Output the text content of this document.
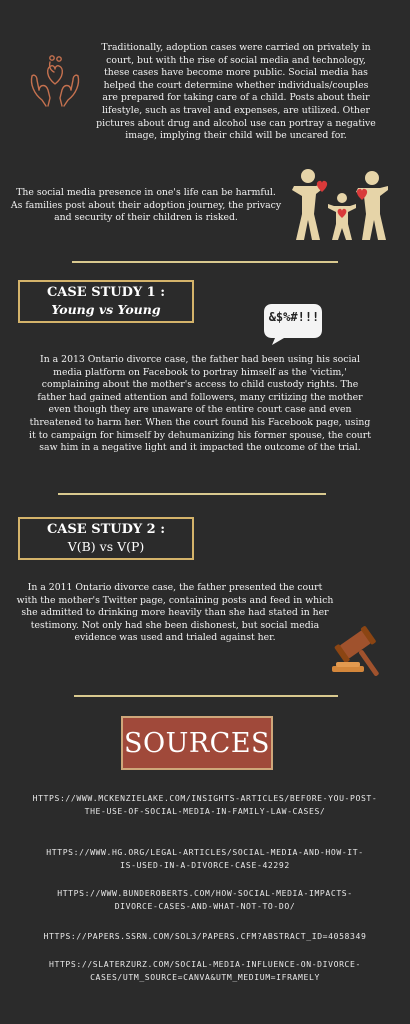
Traditionally, adoption cases were carried on privately in court, but with the rise of social media and technology, these cases have become more public. Social media has helped the court determine whether individuals/couples are prepared for taking care of a child. Posts about their lifestyle, such as travel and expenses, are utilized. Other pictures about drug and alcohol use can portray a negative image, implying their child will be uncared for.
The social media presence in one's life can be harmful. As families post about their adoption journey, the privacy and security of their children is risked.
CASE STUDY 1 :
Young vs Young	&$%#!!!
In a 2013 Ontario divorce case, the father had been using his social media platform on Facebook to portray himself as the 'victim,' complaining about the mother's access to child custody rights. The father had gained attention and followers, many critizing the mother even though they are unaware of the entire court case and even threatened to harm her. When the court found his Facebook page, using it to campaign for himself by dehumanizing his former spouse, the court saw him in a negative light and it impacted the outcome of the trial.
CASE STUDY 2 :
V(B) vs V(P)
In a 2011 Ontario divorce case, the father presented the court with the mother's Twitter page, containing posts and feed in which she admitted to drinking more heavily than she had stated in her testimony. Not only had she been dishonest, but social media evidence was used and trialed against her.
SOURCES
HTTPS://WWW.MCKENZIELAKE.COM/INSIGHTS-ARTICLES/BEFORE-YOU-POST-THE-USE-OF-SOCIAL-MEDIA-IN-FAMILY-LAW-CASES/
HTTPS://WWW.HG.ORG/LEGAL-ARTICLES/SOCIAL-MEDIA-AND-HOW-IT-IS-USED-IN-A-DIVORCE-CASE-42292
HTTPS://WWW.BUNDEROBERTS.COM/HOW-SOCIAL-MEDIA-IMPACTS-DIVORCE-CASES-AND-WHAT-NOT-TO-DO/
HTTPS://PAPERS.SSRN.COM/SOL3/PAPERS.CFM?ABSTRACT_ID=4058349
HTTPS://SLATERZURZ.COM/SOCIAL-MEDIA-INFLUENCE-ON-DIVORCE-CASES/UTM_SOURCE=CANVA&UTM_MEDIUM=IFRAMELY
